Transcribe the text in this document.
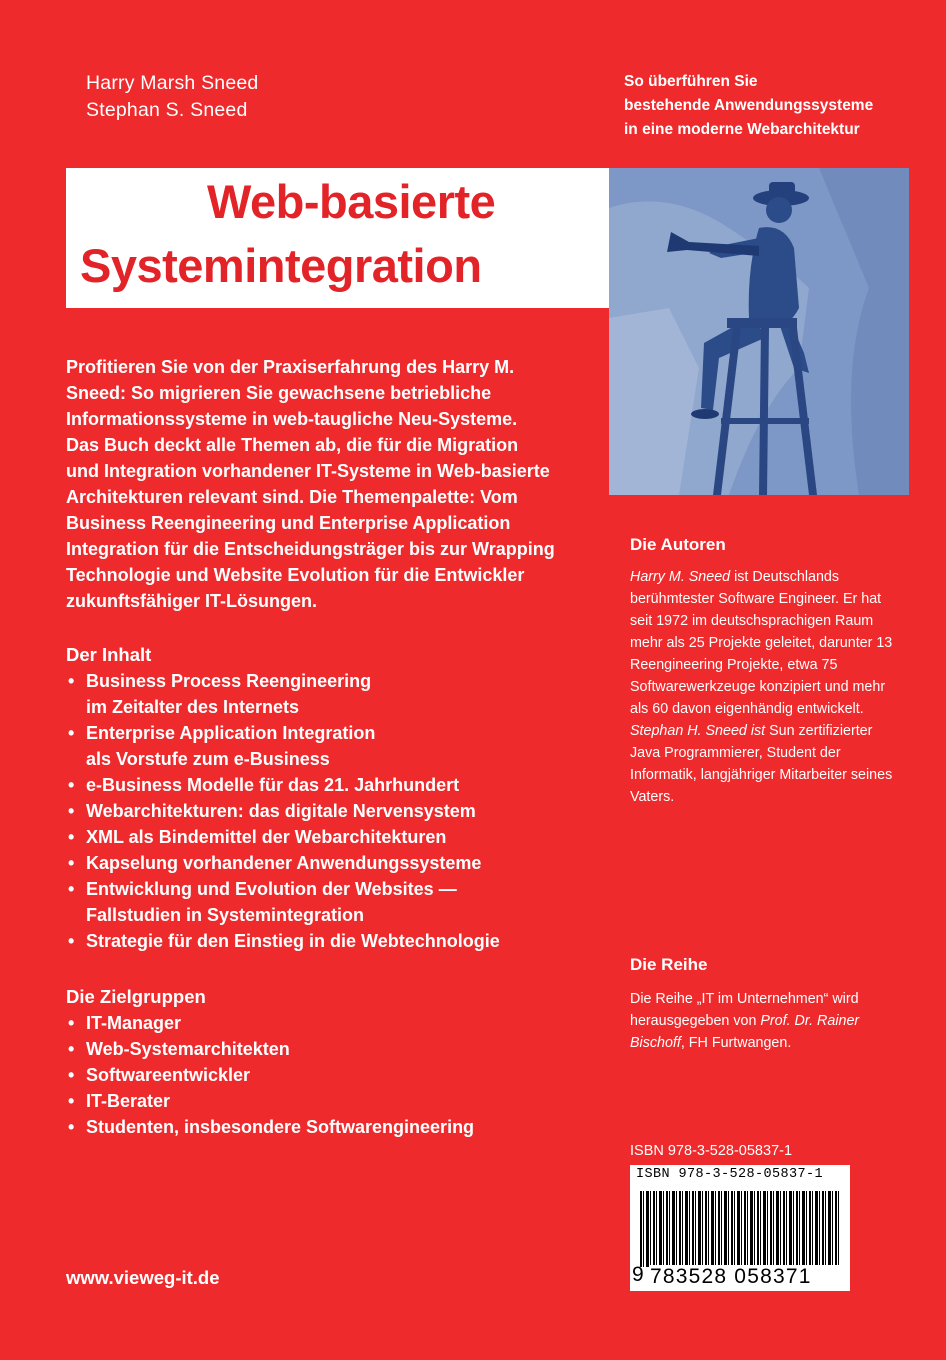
Harry Marsh Sneed
Stephan S. Sneed
So überführen Sie
bestehende Anwendungssysteme
in eine moderne Webarchitektur
Web-basierte
Systemintegration
Profitieren Sie von der Praxiserfahrung des Harry M.
Sneed: So migrieren Sie gewachsene betriebliche
Informationssysteme in web-taugliche Neu-Systeme.
Das Buch deckt alle Themen ab, die für die Migration
und Integration vorhandener IT-Systeme in Web-basierte
Architekturen relevant sind. Die Themenpalette: Vom
Business Reengineering und Enterprise Application
Integration für die Entscheidungsträger bis zur Wrapping
Technologie und Website Evolution für die Entwickler
zukunftsfähiger IT-Lösungen.
Der Inhalt
• Business Process Reengineering
im Zeitalter des Internets
• Enterprise Application Integration
als Vorstufe zum e-Business
• e-Business Modelle für das 21. Jahrhundert
• Webarchitekturen: das digitale Nervensystem
• XML als Bindemittel der Webarchitekturen
• Kapselung vorhandener Anwendungssysteme
• Entwicklung und Evolution der Websites —
Fallstudien in Systemintegration
• Strategie für den Einstieg in die Webtechnologie
Die Zielgruppen
• IT-Manager
• Web-Systemarchitekten
• Softwareentwickler
• IT-Berater
• Studenten, insbesondere Softwarengineering
Die Autoren

Harry M. Sneed ist Deutschlands berühmtester Software Engineer. Er hat seit 1972 im deutschsprachigen Raum mehr als 25 Projekte geleitet, darunter 13 Reengineering Projekte, etwa 75 Softwarewerkzeuge konzipiert und mehr als 60 davon eigenhändig entwickelt.

Stephan H. Sneed ist Sun zertifizierter Java Programmierer, Student der Informatik, langjähriger Mitarbeiter seines Vaters.

Die Reihe
Die Reihe „IT im Unternehmen“ wird herausgegeben von Prof. Dr. Rainer Bischoff, FH Furtwangen.
ISBN 978-3-528-05837-1
ISBN 978-3-528-05837-1
9 783528 058371
www.vieweg-it.de
